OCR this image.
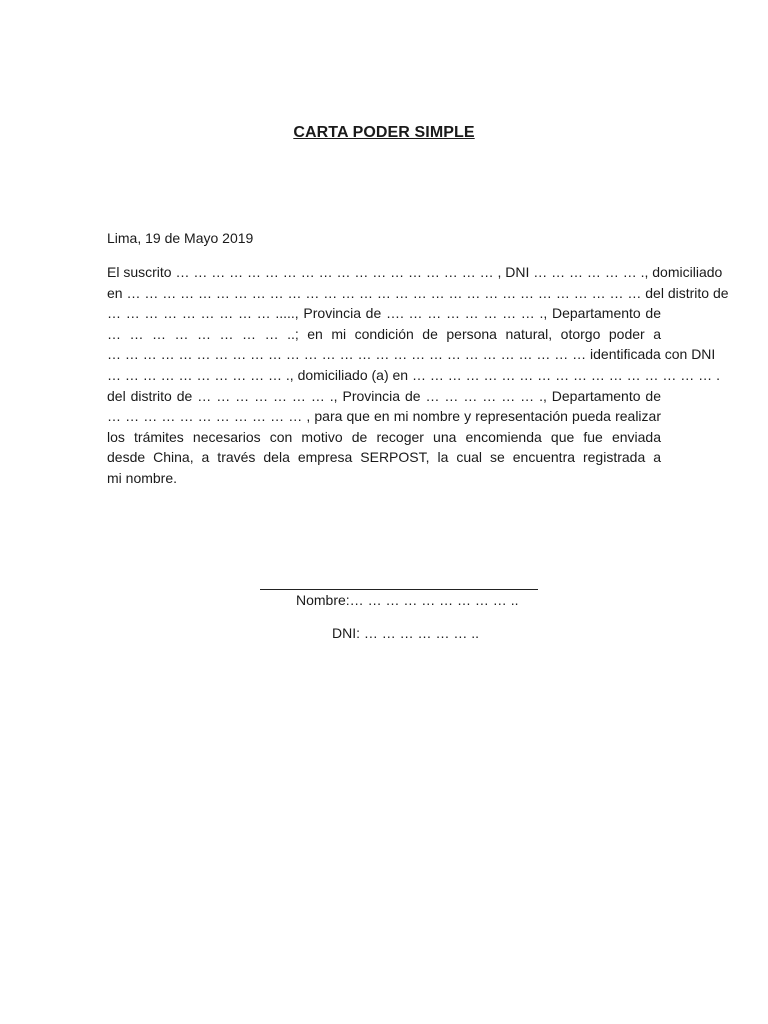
CARTA PODER SIMPLE
Lima, 19 de Mayo 2019
El suscrito … … … … … … … … … … … … … … … … … … , DNI … … … … … … ., domiciliado
en … … … … … … … … … … … … … … … … … … … … … … … … … … … … … del distrito de
… … … … … … … … … ....., Provincia de …. … … … … … … … ., Departamento de
… … … … … … … … ..; en mi condición de persona natural, otorgo poder a
… … … … … … … … … … … … … … … … … … … … … … … … … … … identificada con DNI
… … … … … … … … … … ., domiciliado (a) en … … … … … … … … … … … … … … … … … .
del distrito de … … … … … … … ., Provincia de … … … … … … ., Departamento de
… … … … … … … … … … … , para que en mi nombre y representación pueda realizar
los trámites necesarios con motivo de recoger una encomienda que fue enviada
desde China, a través dela empresa SERPOST, la cual se encuentra registrada a
mi nombre.
Nombre:… … … … … … … … … ..
DNI: … … … … … … ..
